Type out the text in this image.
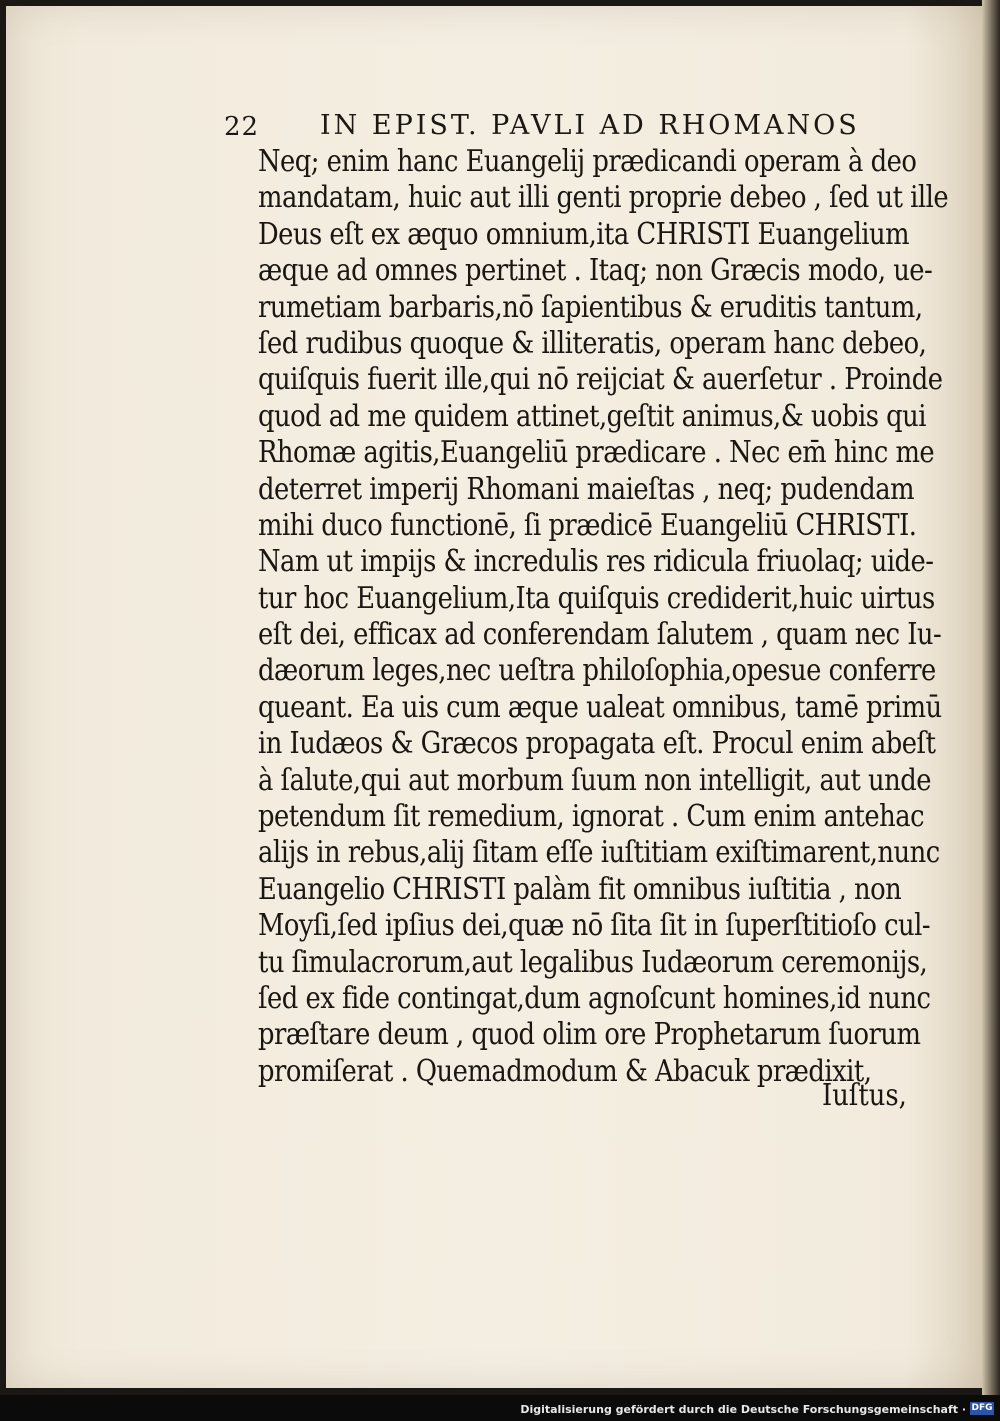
22 IN EPIST. PAVLI AD RHOMANOS
Neq; enim hanc Euangelij prædicandi operam à deo
mandatam, huic aut illi genti proprie debeo , ſed ut ille
Deus eſt ex æquo omnium,ita CHRISTI Euangelium
æque ad omnes pertinet . Itaq; non Græcis modo, ue-
rumetiam barbaris,nō ſapientibus & eruditis tantum,
ſed rudibus quoque & illiteratis, operam hanc debeo,
quiſquis fuerit ille,qui nō reijciat & auerſetur . Proinde
quod ad me quidem attinet,geſtit animus,& uobis qui
Rhomæ agitis,Euangeliū prædicare . Nec em̄ hinc me
deterret imperij Rhomani maieſtas , neq; pudendam
mihi duco functionē, ſi prædicē Euangeliū CHRISTI.
Nam ut impijs & incredulis res ridicula friuolaq; uide-
tur hoc Euangelium,Ita quiſquis crediderit,huic uirtus
eſt dei, efficax ad conferendam ſalutem , quam nec Iu-
dæorum leges,nec ueſtra philoſophia,opesue conferre
queant. Ea uis cum æque ualeat omnibus, tamē primū
in Iudæos & Græcos propagata eſt. Procul enim abeſt
à ſalute,qui aut morbum ſuum non intelligit, aut unde
petendum ſit remedium, ignorat . Cum enim antehac
alijs in rebus,alij ſitam eſſe iuſtitiam exiſtimarent,nunc
Euangelio CHRISTI palàm fit omnibus iuſtitia , non
Moyſi,ſed ipſius dei,quæ nō ſita ſit in ſuperſtitioſo cul-
tu ſimulacrorum,aut legalibus Iudæorum ceremonijs,
ſed ex fide contingat,dum agnoſcunt homines,id nunc
præſtare deum , quod olim ore Prophetarum ſuorum
promiſerat . Quemadmodum & Abacuk prædixit,
Iuſtus,
Digitalisierung gefördert durch die Deutsche Forschungsgemeinschaft · DFG
